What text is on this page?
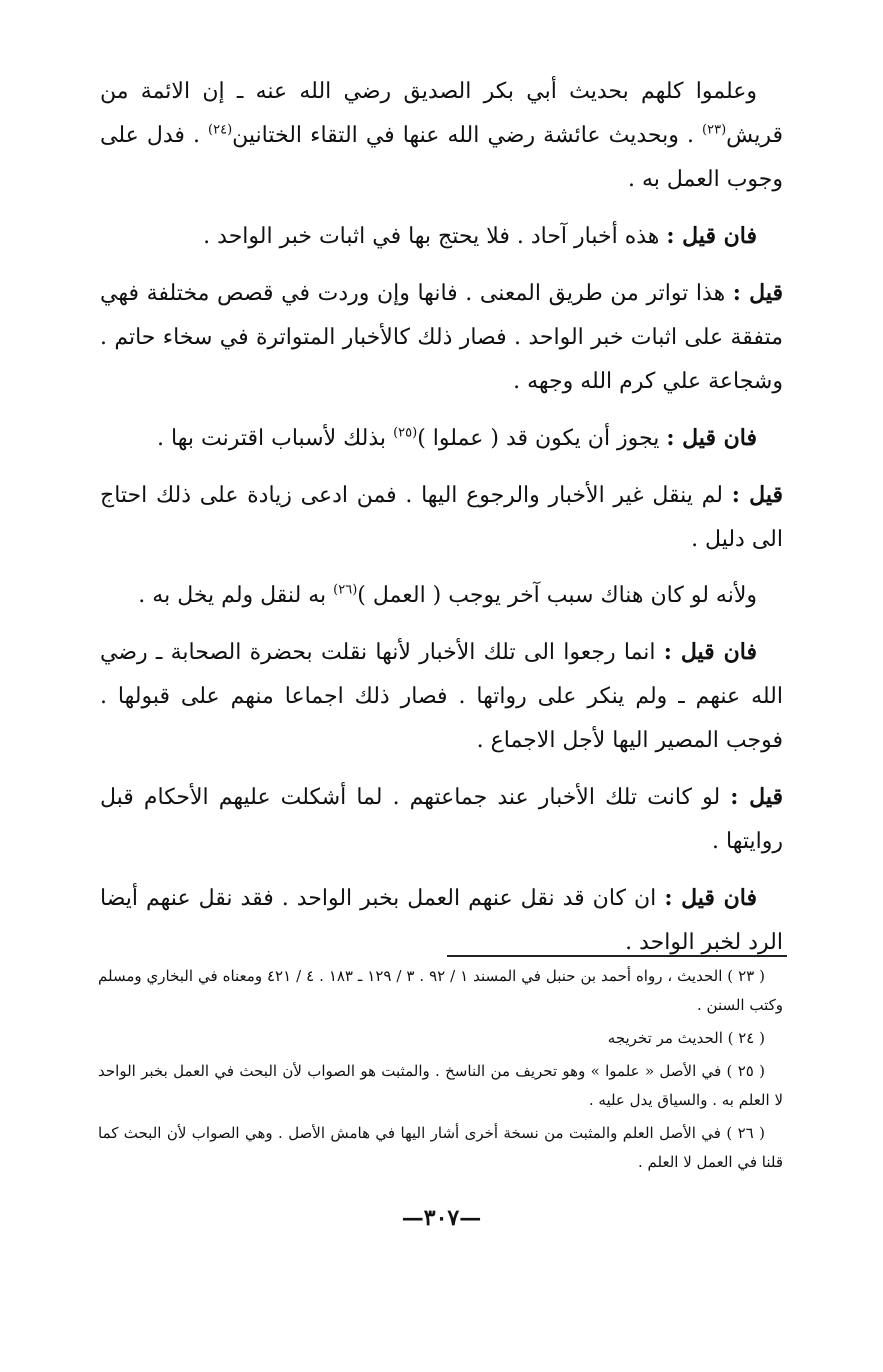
وعلموا كلهم بحديث أبي بكر الصديق رضي الله عنه ـ إن الائمة من قريش$^{(٢٣)}$ . وبحديث عائشة رضي الله عنها في التقاء الختانين$^{(٢٤)}$ . فدل على وجوب العمل به .

فان قيل : هذه أخبار آحاد . فلا يحتج بها في اثبات خبر الواحد .

قيل : هذا تواتر من طريق المعنى . فانها وإن وردت في قصص مختلفة فهي متفقة على اثبات خبر الواحد . فصار ذلك كالأخبار المتواترة في سخاء حاتم . وشجاعة علي كرم الله وجهه .

فان قيل : يجوز أن يكون قد ( عملوا )$^{(٢٥)}$ بذلك لأسباب اقترنت بها .

قيل : لم ينقل غير الأخبار والرجوع اليها . فمن ادعى زيادة على ذلك احتاج الى دليل .

ولأنه لو كان هناك سبب آخر يوجب ( العمل )$^{(٢٦)}$ به لنقل ولم يخل به .

فان قيل : انما رجعوا الى تلك الأخبار لأنها نقلت بحضرة الصحابة ـ رضي الله عنهم ـ ولم ينكر على رواتها . فصار ذلك اجماعا منهم على قبولها . فوجب المصير اليها لأجل الاجماع .

قيل : لو كانت تلك الأخبار عند جماعتهم . لما أشكلت عليهم الأحكام قبل روايتها .

فان قيل : ان كان قد نقل عنهم العمل بخبر الواحد . فقد نقل عنهم أيضا الرد لخبر الواحد .

( ٢٣ ) الحديث ، رواه أحمد بن حنبل في المسند ١ / ٩٢ . ٣ / ١٢٩ ـ ١٨٣ . ٤ / ٤٢١ ومعناه في البخاري ومسلم وكتب السنن .

( ٢٤ ) الحديث مر تخريجه

( ٢٥ ) في الأصل « علموا » وهو تحريف من الناسخ . والمثبت هو الصواب لأن البحث في العمل بخبر الواحد لا العلم به . والسياق يدل عليه .

( ٢٦ ) في الأصل العلم والمثبت من نسخة أخرى أشار اليها في هامش الأصل . وهي الصواب لأن البحث كما قلنا في العمل لا العلم .

—٣٠٧—
